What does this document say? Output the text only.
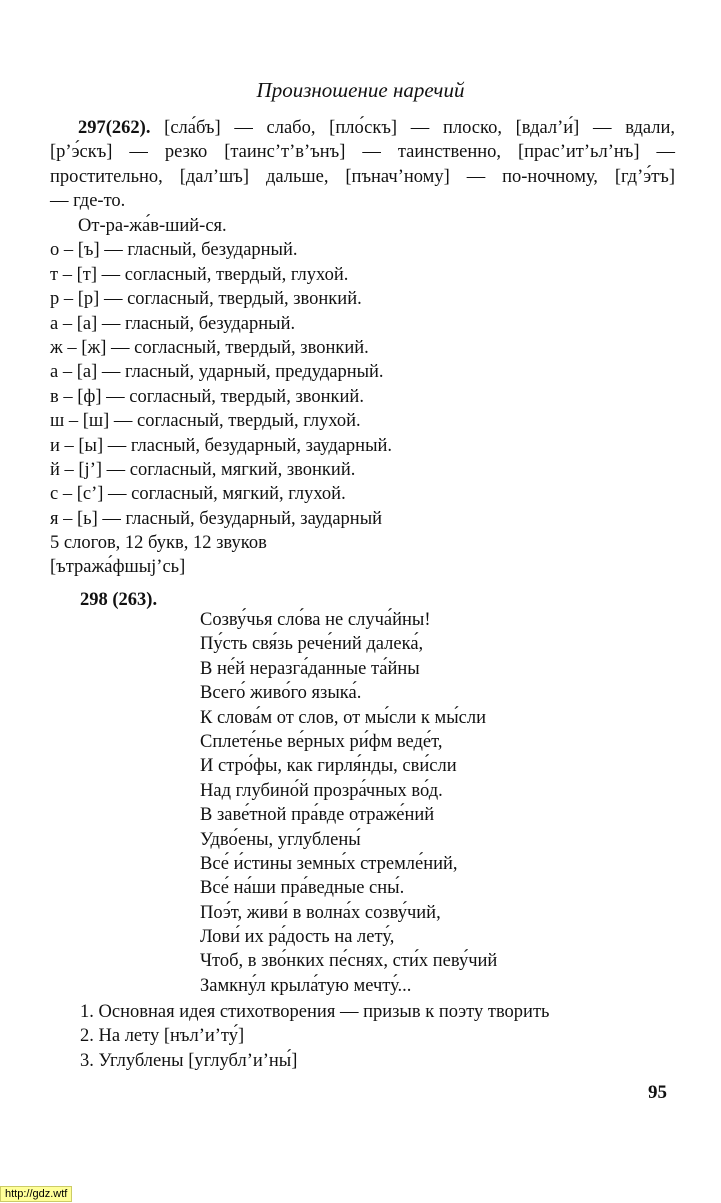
Произношение наречий
297(262). [сла́бъ] — слабо, [пло́скъ] — плоско, [вдал’и́] — вдали,
[р’э́скъ] — резко [таинс’т’в’ънъ] — таинственно, [прас’ит’ьл’нъ] —
простительно, [дал’шъ] дальше, [пънач’ному] — по-ночному, [гд’э́тъ]
— где-то.
От-ра-жа́в-ший-ся.
о – [ъ] — гласный, безударный.
т – [т] — согласный, твердый, глухой.
р – [р] — согласный, твердый, звонкий.
а – [а] — гласный, безударный.
ж – [ж] — согласный, твердый, звонкий.
а – [а] — гласный, ударный, предударный.
в – [ф] — согласный, твердый, звонкий.
ш – [ш] — согласный, твердый, глухой.
и – [ы] — гласный, безударный, заударный.
й – [j’] — согласный, мягкий, звонкий.
с – [с’] — согласный, мягкий, глухой.
я – [ь] — гласный, безударный, заударный
5 слогов, 12 букв, 12 звуков
[ътража́фшыj’сь]
298 (263).
Созву́чья сло́ва не случа́йны!
Пу́сть свя́зь рече́ний далека́,
В не́й неразга́данные та́йны
Всего́ живо́го языка́.
К слова́м от слов, от мы́сли к мы́сли
Сплете́нье ве́рных ри́фм веде́т,
И стро́фы, как гирля́нды, сви́сли
Над глубино́й прозра́чных во́д.
В заве́тной пра́вде отраже́ний
Удво́ены, углублены́
Все́ и́стины земны́х стремле́ний,
Все́ на́ши пра́ведные сны́.
Поэ́т, живи́ в волна́х созву́чий,
Лови́ их ра́дость на лету́,
Чтоб, в зво́нких пе́снях, сти́х певу́чий
Замкну́л крыла́тую мечту́...
1. Основная идея стихотворения — призыв к поэту творить
2. На лету [нъл’и’ту́]
3. Углублены [углубл’и’ны́]
95
http://gdz.wtf
